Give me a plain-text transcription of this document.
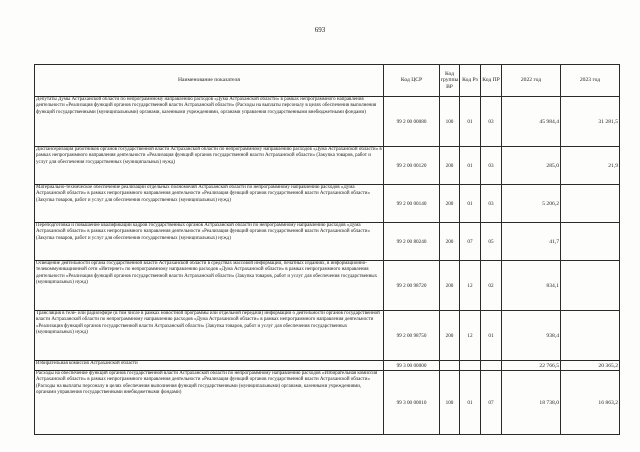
693
Наименование показателя	Код ЦСР	Код группы ВР	Код Рз	Код ПР	2022 год	2023 год
Депутаты Думы Астраханской области по непрограммному направлению расходов «Дума Астраханской области» в рамках непрограммного направления деятельности «Реализация функций органов государственной власти Астраханской области» (Расходы на выплаты персоналу в целях обеспечения выполнения функций государственными (муниципальными) органами, казенными учреждениями, органами управления государственными внебюджетными фондами)	99 2 00 00080	100	01	03	45 984,4	31 281,5
Диспансеризация работников органов государственной власти Астраханской области по непрограммному направлению расходов «Дума Астраханской области» в рамках непрограммного направления деятельности «Реализация функций органов государственной власти Астраханской области» (Закупка товаров, работ и услуг для обеспечения государственных (муниципальных) нужд)	99 2 00 00120	200	01	03	285,0	21,9
Материально-техническое обеспечение реализации отдельных полномочий Астраханской области по непрограммному направлению расходов «Дума Астраханской области» в рамках непрограммного направления деятельности «Реализация функций органов государственной власти Астраханской области» (Закупка товаров, работ и услуг для обеспечения государственных (муниципальных) нужд)	99 2 00 00140	200	01	03	5 206,2	
Переподготовка и повышение квалификации кадров государственных органов Астраханской области по непрограммному направлению расходов «Дума Астраханской области» в рамках непрограммного направления деятельности «Реализация функций органов государственной власти Астраханской области» (Закупка товаров, работ и услуг для обеспечения государственных (муниципальных) нужд)	99 2 00 80240	200	07	05	41,7	
Освещение деятельности органа государственной власти Астраханской области в средствах массовой информации, печатных изданиях, в информационно-телекоммуникационной сети «Интернет» по непрограммному направлению расходов «Дума Астраханской области» в рамках непрограммного направления деятельности «Реализация функций органов государственной власти Астраханской области» (Закупка товаров, работ и услуг для обеспечения государственных (муниципальных) нужд)	99 2 00 98720	200	12	02	834,1	
Трансляция в теле- или радиоэфире (в том числе в рамках новостной программы или отдельной передачи) информации о деятельности органов государственной власти Астраханской области по непрограммному направлению расходов «Дума Астраханской области» в рамках непрограммного направления деятельности «Реализация функций органов государственной власти Астраханской области» (Закупка товаров, работ и услуг для обеспечения государственных (муниципальных) нужд)	99 2 00 98750	200	12	01	938,4	
Избирательная комиссия Астраханской области	99 3 00 00000				22 766,5	20 365,2
Расходы на обеспечение функций органов государственной власти Астраханской области по непрограммному направлению расходов «Избирательная комиссия Астраханской области» в рамках непрограммного направления деятельности «Реализация функций органов государственной власти Астраханской области» (Расходы на выплаты персоналу в целях обеспечения выполнения функций государственными (муниципальными) органами, казенными учреждениями, органами управления государственными внебюджетными фондами)	99 3 00 00010	100	01	07	18 738,0	16 863,2
